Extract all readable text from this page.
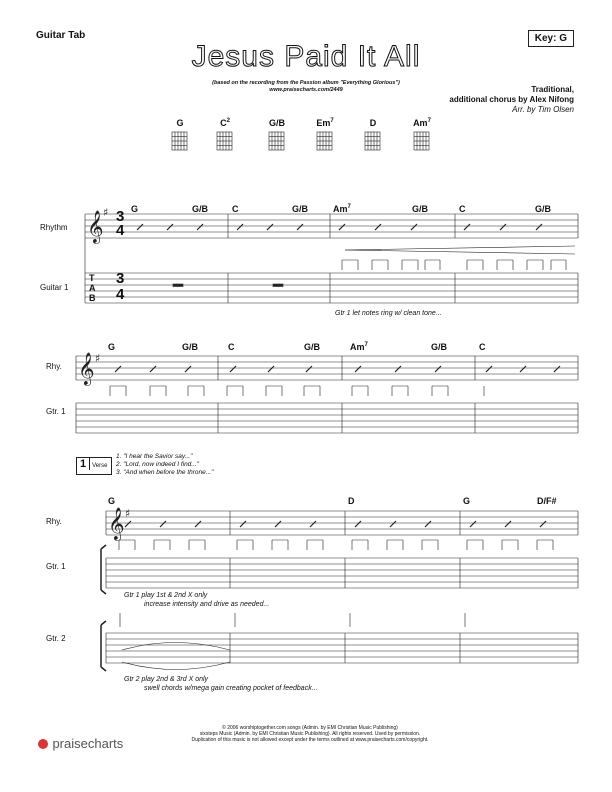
Guitar Tab	Key: G
Jesus Paid It All
(based on the recording from the Passion album "Everything Glorious")
www.praisecharts.com/2449	Traditional,
additional chorus by Alex Nifong
Arr. by Tim Olsen
G	$C^2$	G/B	Em$^7$	D	Am$^7$
𝄞
𝄞
𝄞
♯
♯
♯ 3
4
3
4
T
A
B
Rhythm
Guitar 1
G	G/B	C	G/B	Am$^7$	G/B	C	G/B
Gtr 1 let notes ring w/ clean tone...
Rhy.
Gtr. 1
G	G/B	C	G/B	Am$^7$	G/B	C
1 Verse
1. "I hear the Savior say..."
2. "Lord, now indeed I find..."
3. "And when before the throne..."
Rhy.
Gtr. 1
Gtr. 2
G	D	G	D/F#
Gtr 1 play 1st & 2nd X only
increase intensity and drive as needed...
Gtr 2 play 2nd & 3rd X only
swell chords w/mega gain creating pocket of feedback...
praisecharts
© 2006 worshiptogether.com songs (Admin. by EMI Christian Music Publishing)
sixsteps Music (Admin. by EMI Christian Music Publishing). All rights reserved. Used by permission.
Duplication of this music is not allowed except under the terms outlined at www.praisecharts.com/copyright.
